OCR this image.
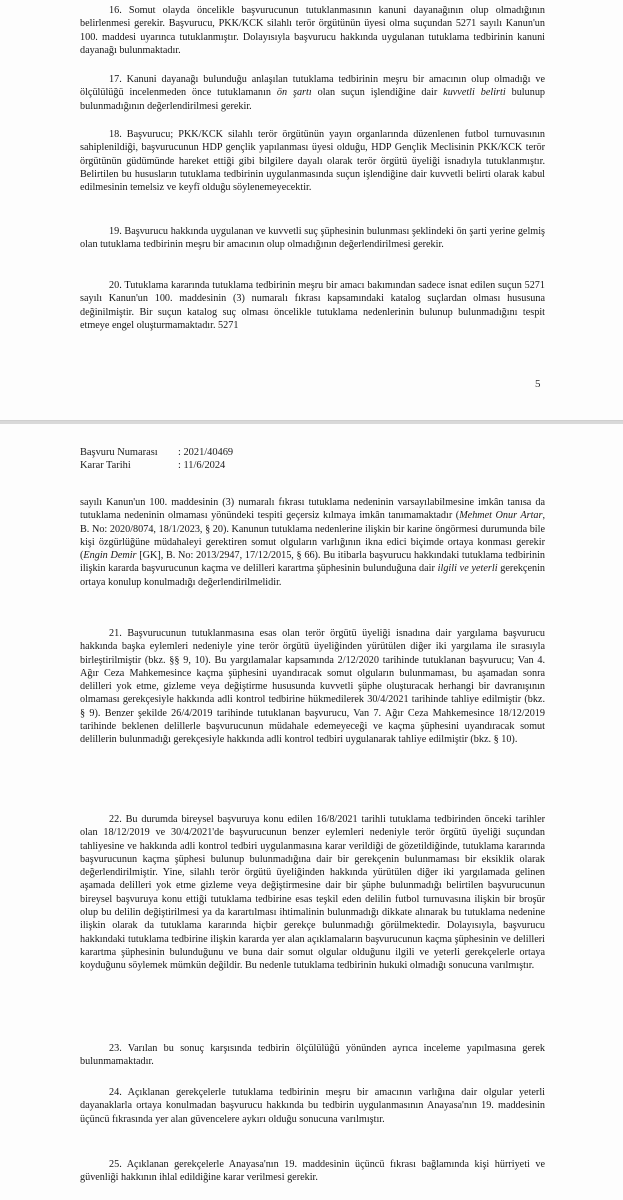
16. Somut olayda öncelikle başvurucunun tutuklanmasının kanuni dayanağının olup olmadığının belirlenmesi gerekir. Başvurucu, PKK/KCK silahlı terör örgütünün üyesi olma suçundan 5271 sayılı Kanun'un 100. maddesi uyarınca tutuklanmıştır. Dolayısıyla başvurucu hakkında uygulanan tutuklama tedbirinin kanuni dayanağı bulunmaktadır.

17. Kanuni dayanağı bulunduğu anlaşılan tutuklama tedbirinin meşru bir amacının olup olmadığı ve ölçülülüğü incelenmeden önce tutuklamanın ön şartı olan suçun işlendiğine dair kuvvetli belirti bulunup bulunmadığının değerlendirilmesi gerekir.

18. Başvurucu; PKK/KCK silahlı terör örgütünün yayın organlarında düzenlenen futbol turnuvasının sahiplenildiği, başvurucunun HDP gençlik yapılanması üyesi olduğu, HDP Gençlik Meclisinin PKK/KCK terör örgütünün güdümünde hareket ettiği gibi bilgilere dayalı olarak terör örgütü üyeliği isnadıyla tutuklanmıştır. Belirtilen bu hususların tutuklama tedbirinin uygulanmasında suçun işlendiğine dair kuvvetli belirti olarak kabul edilmesinin temelsiz ve keyfî olduğu söylenemeyecektir.

19. Başvurucu hakkında uygulanan ve kuvvetli suç şüphesinin bulunması şeklindeki ön şarti yerine gelmiş olan tutuklama tedbirinin meşru bir amacının olup olmadığının değerlendirilmesi gerekir.

20. Tutuklama kararında tutuklama tedbirinin meşru bir amacı bakımından sadece isnat edilen suçun 5271 sayılı Kanun'un 100. maddesinin (3) numaralı fıkrası kapsamındaki katalog suçlardan olması hususuna değinilmiştir. Bir suçun katalog suç olması öncelikle tutuklama nedenlerinin bulunup bulunmadığını tespit etmeye engel oluşturmamaktadır. 5271

5
Başvuru Numarası	: 2021/40469
Karar Tarihi	: 11/6/2024

sayılı Kanun'un 100. maddesinin (3) numaralı fıkrası tutuklama nedeninin varsayılabilmesine imkân tanısa da tutuklama nedeninin olmaması yönündeki tespiti geçersiz kılmaya imkân tanımamaktadır (Mehmet Onur Artar, B. No: 2020/8074, 18/1/2023, § 20). Kanunun tutuklama nedenlerine ilişkin bir karine öngörmesi durumunda bile kişi özgürlüğüne müdahaleyi gerektiren somut olguların varlığının ikna edici biçimde ortaya konması gerekir (Engin Demir [GK], B. No: 2013/2947, 17/12/2015, § 66). Bu itibarla başvurucu hakkındaki tutuklama tedbirinin ilişkin kararda başvurucunun kaçma ve delilleri karartma şüphesinin bulunduğuna dair ilgili ve yeterli gerekçenin ortaya konulup konulmadığı değerlendirilmelidir.

21. Başvurucunun tutuklanmasına esas olan terör örgütü üyeliği isnadına dair yargılama başvurucu hakkında başka eylemleri nedeniyle yine terör örgütü üyeliğinden yürütülen diğer iki yargılama ile sırasıyla birleştirilmiştir (bkz. §§ 9, 10). Bu yargılamalar kapsamında 2/12/2020 tarihinde tutuklanan başvurucu; Van 4. Ağır Ceza Mahkemesince kaçma şüphesini uyandıracak somut olguların bulunmaması, bu aşamadan sonra delilleri yok etme, gizleme veya değiştirme hususunda kuvvetli şüphe oluşturacak herhangi bir davranışının olmaması gerekçesiyle hakkında adli kontrol tedbirine hükmedilerek 30/4/2021 tarihinde tahliye edilmiştir (bkz. § 9). Benzer şekilde 26/4/2019 tarihinde tutuklanan başvurucu, Van 7. Ağır Ceza Mahkemesince 18/12/2019 tarihinde beklenen delillerle başvurucunun müdahale edemeyeceği ve kaçma şüphesini uyandıracak somut delillerin bulunmadığı gerekçesiyle hakkında adli kontrol tedbiri uygulanarak tahliye edilmiştir (bkz. § 10).

22. Bu durumda bireysel başvuruya konu edilen 16/8/2021 tarihli tutuklama tedbirinden önceki tarihler olan 18/12/2019 ve 30/4/2021'de başvurucunun benzer eylemleri nedeniyle terör örgütü üyeliği suçundan tahliyesine ve hakkında adli kontrol tedbiri uygulanmasına karar verildiği de gözetildiğinde, tutuklama kararında başvurucunun kaçma şüphesi bulunup bulunmadığına dair bir gerekçenin bulunmaması bir eksiklik olarak değerlendirilmiştir. Yine, silahlı terör örgütü üyeliğinden hakkında yürütülen diğer iki yargılamada gelinen aşamada delilleri yok etme gizleme veya değiştirmesine dair bir şüphe bulunmadığı belirtilen başvurucunun bireysel başvuruya konu ettiği tutuklama tedbirine esas teşkil eden delilin futbol turnuvasına ilişkin bir broşür olup bu delilin değiştirilmesi ya da karartılması ihtimalinin bulunmadığı dikkate alınarak bu tutuklama nedenine ilişkin olarak da tutuklama kararında hiçbir gerekçe bulunmadığı görülmektedir. Dolayısıyla, başvurucu hakkındaki tutuklama tedbirine ilişkin kararda yer alan açıklamaların başvurucunun kaçma şüphesinin ve delilleri karartma şüphesinin bulunduğunu ve buna dair somut olgular olduğunu ilgili ve yeterli gerekçelerle ortaya koyduğunu söylemek mümkün değildir. Bu nedenle tutuklama tedbirinin hukuki olmadığı sonucuna varılmıştır.

23. Varılan bu sonuç karşısında tedbirin ölçülülüğü yönünden ayrıca inceleme yapılmasına gerek bulunmamaktadır.

24. Açıklanan gerekçelerle tutuklama tedbirinin meşru bir amacının varlığına dair olgular yeterli dayanaklarla ortaya konulmadan başvurucu hakkında bu tedbirin uygulanmasının Anayasa'nın 19. maddesinin üçüncü fıkrasında yer alan güvencelere aykırı olduğu sonucuna varılmıştır.

25. Açıklanan gerekçelerle Anayasa'nın 19. maddesinin üçüncü fıkrası bağlamında kişi hürriyeti ve güvenliği hakkının ihlal edildiğine karar verilmesi gerekir.
